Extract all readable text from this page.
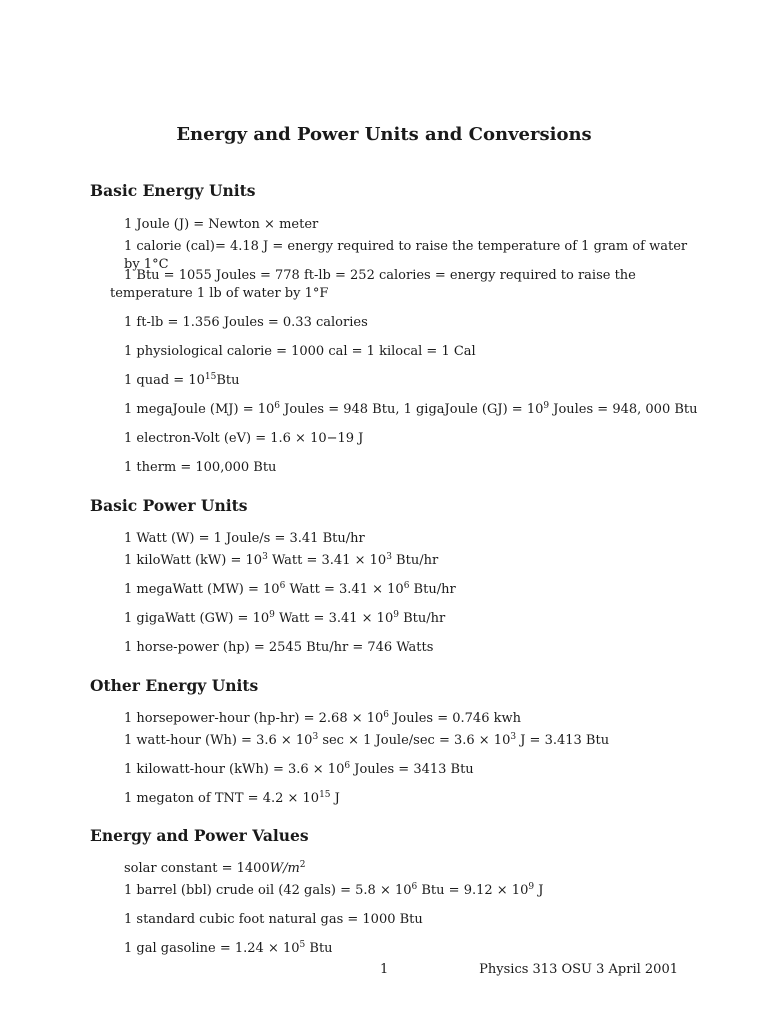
Energy and Power Units and Conversions
Basic Energy Units
1 Joule (J) = Newton × meter
1 calorie (cal)= 4.18 J = energy required to raise the temperature of 1 gram of water by 1°C
1 Btu = 1055 Joules = 778 ft-lb = 252 calories = energy required to raise the temperature 1 lb of water by 1°F
1 ft-lb = 1.356 Joules = 0.33 calories
1 physiological calorie = 1000 cal = 1 kilocal = 1 Cal
1 quad = $10^{15}Btu$
1 megaJoule $(MJ) = 10^6$ Joules = 948 Btu, 1 gigaJoule $(GJ) = 10^9$ Joules = 948, 000 Btu
1 electron-Volt (eV) = 1.6 × 10−19 J
1 therm = 100,000 Btu
Basic Power Units
1 Watt (W) = 1 Joule/s = 3.41 Btu/hr
1 kiloWatt $(kW) = 10^3$ Watt = $3.41 \times 10^3$ Btu/hr
1 megaWatt $(MW) = 10^6$ Watt = $3.41 \times 10^6$ Btu/hr
1 gigaWatt $(GW) = 10^9$ Watt = $3.41 \times 10^9$ Btu/hr
1 horse-power (hp) = 2545 Btu/hr = 746 Watts
Other Energy Units
1 horsepower-hour $(hp-hr) = 2.68 \times 10^6$ Joules = 0.746 kwh
1 watt-hour $(Wh) = 3.6 \times 10^3$ sec × 1 Joule/sec = $3.6 \times 10^3$ J = 3.413 Btu
1 kilowatt-hour $(kWh) = 3.6 \times 10^6$ Joules = 3413 Btu
1 megaton of TNT = $4.2 \times 10^{15}$ J
Energy and Power Values
solar constant = $1400W/m^2$
1 barrel (bbl) crude oil (42 gals) = $5.8 \times 10^6$ Btu = $9.12 \times 10^9$ J
1 standard cubic foot natural gas = 1000 Btu
1 gal gasoline = $1.24 \times 10^5$ Btu
1	Physics 313 OSU 3 April 2001
